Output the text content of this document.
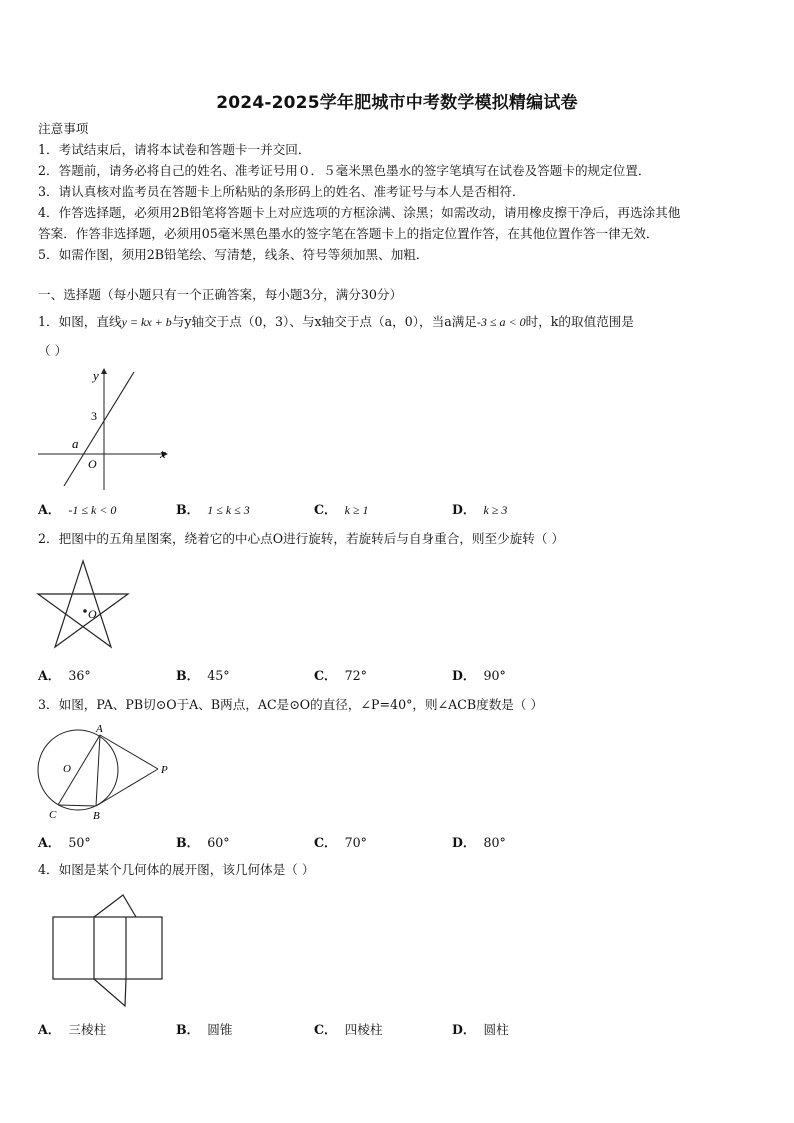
2024-2025学年肥城市中考数学模拟精编试卷
注意事项
1．考试结束后，请将本试卷和答题卡一并交回．
2．答题前，请务必将自己的姓名、准考证号用０．５毫米黑色墨水的签字笔填写在试卷及答题卡的规定位置．
3．请认真核对监考员在答题卡上所粘贴的条形码上的姓名、准考证号与本人是否相符．
4．作答选择题，必须用2B铅笔将答题卡上对应选项的方框涂满、涂黑；如需改动，请用橡皮擦干净后，再选涂其他
答案．作答非选择题，必须用05毫米黑色墨水的签字笔在答题卡上的指定位置作答，在其他位置作答一律无效．
5．如需作图，须用2B铅笔绘、写清楚，线条、符号等须加黑、加粗．
一、选择题（每小题只有一个正确答案，每小题3分，满分30分）
1．如图，直线y = kx + b与y轴交于点（0，3）、与x轴交于点（a，0），当a满足-3 ≤ a < 0时，k的取值范围是
（ ）
y
x
3
a
O
A． -1 ≤ k < 0	B． 1 ≤ k ≤ 3	C． k ≥ 1	D． k ≥ 3
2．把图中的五角星图案，绕着它的中心点O进行旋转，若旋转后与自身重合，则至少旋转（ ）
O
A． 36°	B． 45°	C． 72°	D． 90°
3．如图，PA、PB切⊙O于A、B两点，AC是⊙O的直径，∠P=40°，则∠ACB度数是（ ）
A
B
C
O	P
A． 50°	B． 60°	C． 70°	D． 80°
4．如图是某个几何体的展开图，该几何体是（ ）
A． 三棱柱	B． 圆锥	C． 四棱柱	D． 圆柱
